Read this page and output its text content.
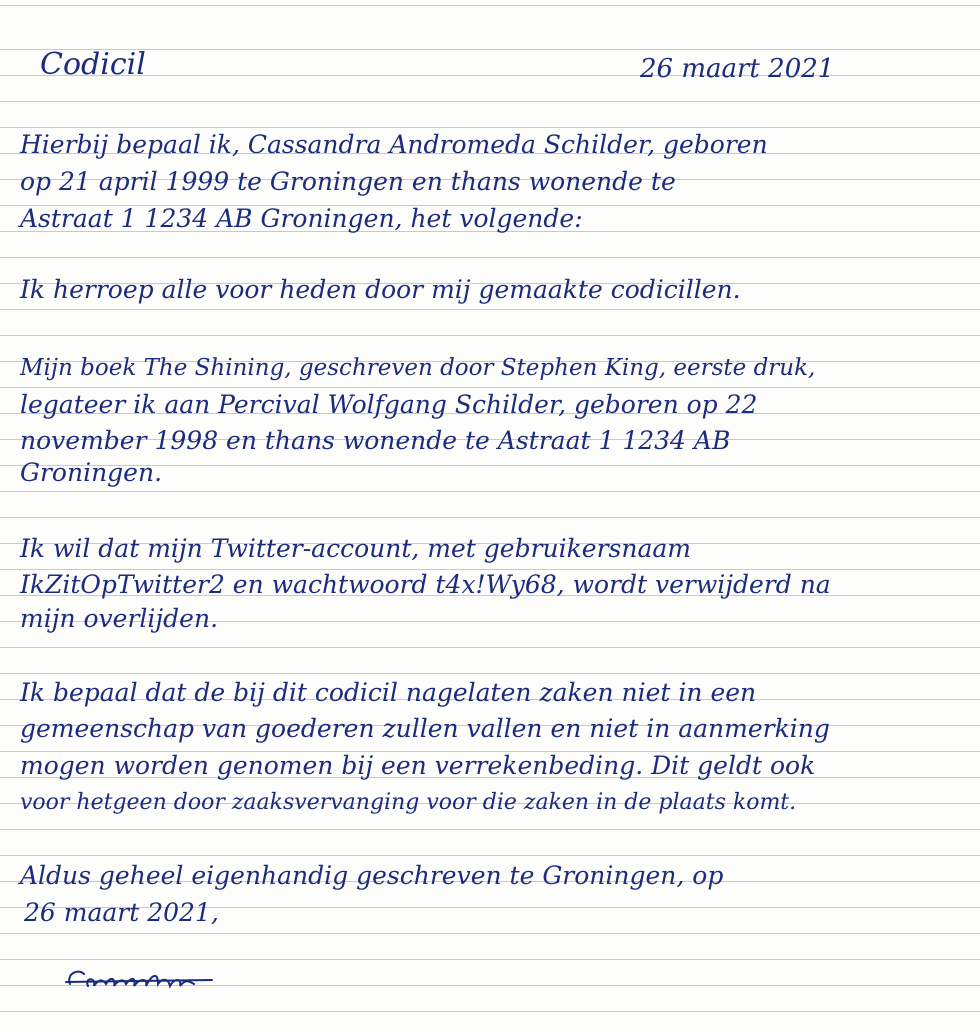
Codicil	26 maart 2021
Hierbij bepaal ik, Cassandra Andromeda Schilder, geboren
op 21 april 1999 te Groningen en thans wonende te
Astraat 1 1234 AB Groningen, het volgende:
Ik herroep alle voor heden door mij gemaakte codicillen.
Mijn boek The Shining, geschreven door Stephen King, eerste druk,
legateer ik aan Percival Wolfgang Schilder, geboren op 22
november 1998 en thans wonende te Astraat 1 1234 AB
Groningen.
Ik wil dat mijn Twitter-account, met gebruikersnaam
IkZitOpTwitter2 en wachtwoord t4x!Wy68, wordt verwijderd na
mijn overlijden.
Ik bepaal dat de bij dit codicil nagelaten zaken niet in een
gemeenschap van goederen zullen vallen en niet in aanmerking
mogen worden genomen bij een verrekenbeding. Dit geldt ook
voor hetgeen door zaaksvervanging voor die zaken in de plaats komt.
Aldus geheel eigenhandig geschreven te Groningen, op
26 maart 2021,
